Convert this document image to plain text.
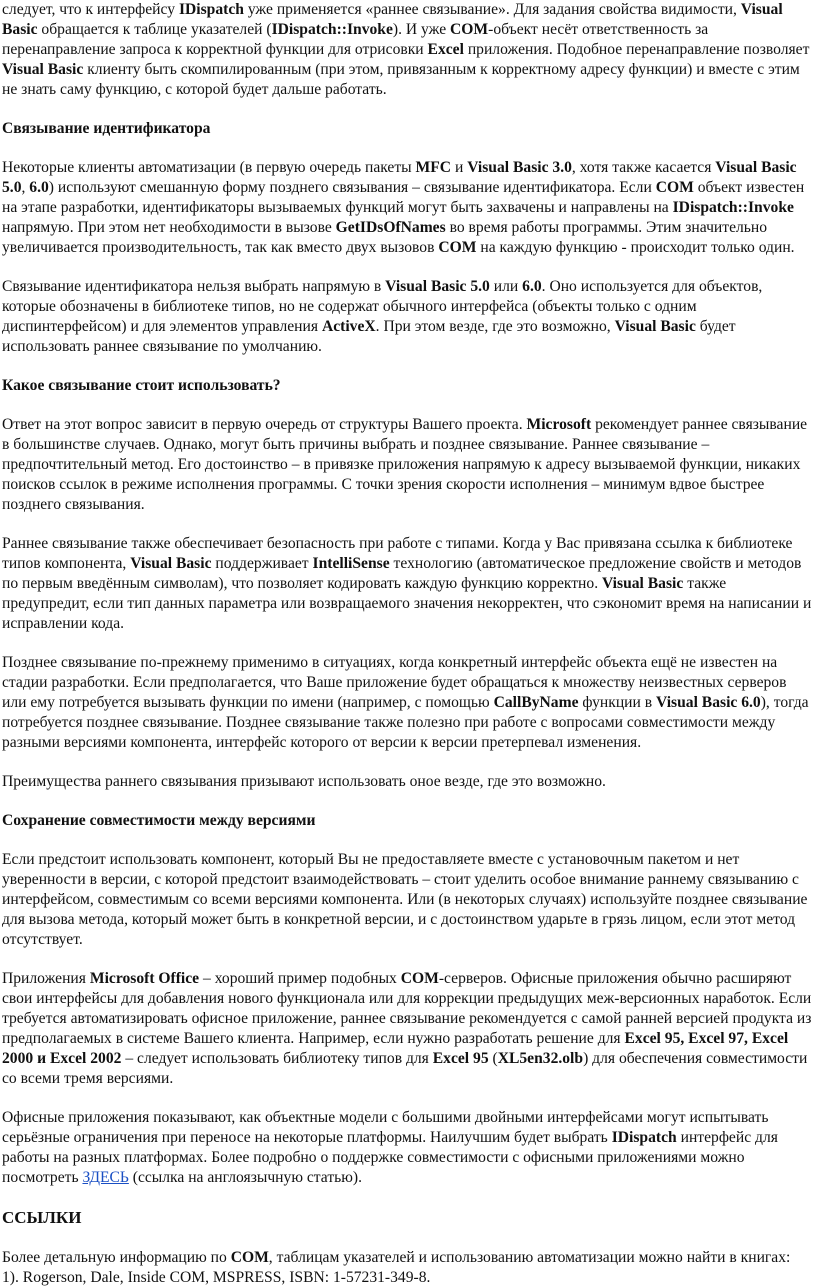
следует, что к интерфейсу IDispatch уже применяется «раннее связывание». Для задания свойства видимости, Visual Basic обращается к таблице указателей (IDispatch::Invoke). И уже COM-объект несёт ответственность за перенаправление запроса к корректной функции для отрисовки Excel приложения. Подобное перенаправление позволяет Visual Basic клиенту быть скомпилированным (при этом, привязанным к корректному адресу функции) и вместе с этим не знать саму функцию, с которой будет дальше работать.

Связывание идентификатора

Некоторые клиенты автоматизации (в первую очередь пакеты MFC и Visual Basic 3.0, хотя также касается Visual Basic 5.0, 6.0) используют смешанную форму позднего связывания – связывание идентификатора. Если COM объект известен на этапе разработки, идентификаторы вызываемых функций могут быть захвачены и направлены на IDispatch::Invoke напрямую. При этом нет необходимости в вызове GetIDsOfNames во время работы программы. Этим значительно увеличивается производительность, так как вместо двух вызовов COM на каждую функцию - происходит только один.

Связывание идентификатора нельзя выбрать напрямую в Visual Basic 5.0 или 6.0. Оно используется для объектов, которые обозначены в библиотеке типов, но не содержат обычного интерфейса (объекты только с одним диспинтерфейсом) и для элементов управления ActiveX. При этом везде, где это возможно, Visual Basic будет использовать раннее связывание по умолчанию.

Какое связывание стоит использовать?

Ответ на этот вопрос зависит в первую очередь от структуры Вашего проекта. Microsoft рекомендует раннее связывание в большинстве случаев. Однако, могут быть причины выбрать и позднее связывание. Раннее связывание – предпочтительный метод. Его достоинство – в привязке приложения напрямую к адресу вызываемой функции, никаких поисков ссылок в режиме исполнения программы. С точки зрения скорости исполнения – минимум вдвое быстрее позднего связывания.

Раннее связывание также обеспечивает безопасность при работе с типами. Когда у Вас привязана ссылка к библиотеке типов компонента, Visual Basic поддерживает IntelliSense технологию (автоматическое предложение свойств и методов по первым введённым символам), что позволяет кодировать каждую функцию корректно. Visual Basic также предупредит, если тип данных параметра или возвращаемого значения некорректен, что сэкономит время на написании и исправлении кода.

Позднее связывание по-прежнему применимо в ситуациях, когда конкретный интерфейс объекта ещё не известен на стадии разработки. Если предполагается, что Ваше приложение будет обращаться к множеству неизвестных серверов или ему потребуется вызывать функции по имени (например, с помощью CallByName функции в Visual Basic 6.0), тогда потребуется позднее связывание. Позднее связывание также полезно при работе с вопросами совместимости между разными версиями компонента, интерфейс которого от версии к версии претерпевал изменения.

Преимущества раннего связывания призывают использовать оное везде, где это возможно.

Сохранение совместимости между версиями

Если предстоит использовать компонент, который Вы не предоставляете вместе с установочным пакетом и нет уверенности в версии, с которой предстоит взаимодействовать – стоит уделить особое внимание раннему связыванию с интерфейсом, совместимым со всеми версиями компонента. Или (в некоторых случаях) используйте позднее связывание для вызова метода, который может быть в конкретной версии, и с достоинством ударьте в грязь лицом, если этот метод отсутствует.

Приложения Microsoft Office – хороший пример подобных COM-серверов. Офисные приложения обычно расширяют свои интерфейсы для добавления нового функционала или для коррекции предыдущих меж-версионных наработок. Если требуется автоматизировать офисное приложение, раннее связывание рекомендуется с самой ранней версией продукта из предполагаемых в системе Вашего клиента. Например, если нужно разработать решение для Excel 95, Excel 97, Excel 2000 и Excel 2002 – следует использовать библиотеку типов для Excel 95 (XL5en32.olb) для обеспечения совместимости со всеми тремя версиями.

Офисные приложения показывают, как объектные модели с большими двойными интерфейсами могут испытывать серьёзные ограничения при переносе на некоторые платформы. Наилучшим будет выбрать IDispatch интерфейс для работы на разных платформах. Более подробно о поддержке совместимости с офисными приложениями можно посмотреть ЗДЕСЬ (ссылка на англоязычную статью).

ССЫЛКИ

Более детальную информацию по COM, таблицам указателей и использованию автоматизации можно найти в книгах:

1). Rogerson, Dale, Inside COM, MSPRESS, ISBN: 1-57231-349-8.
